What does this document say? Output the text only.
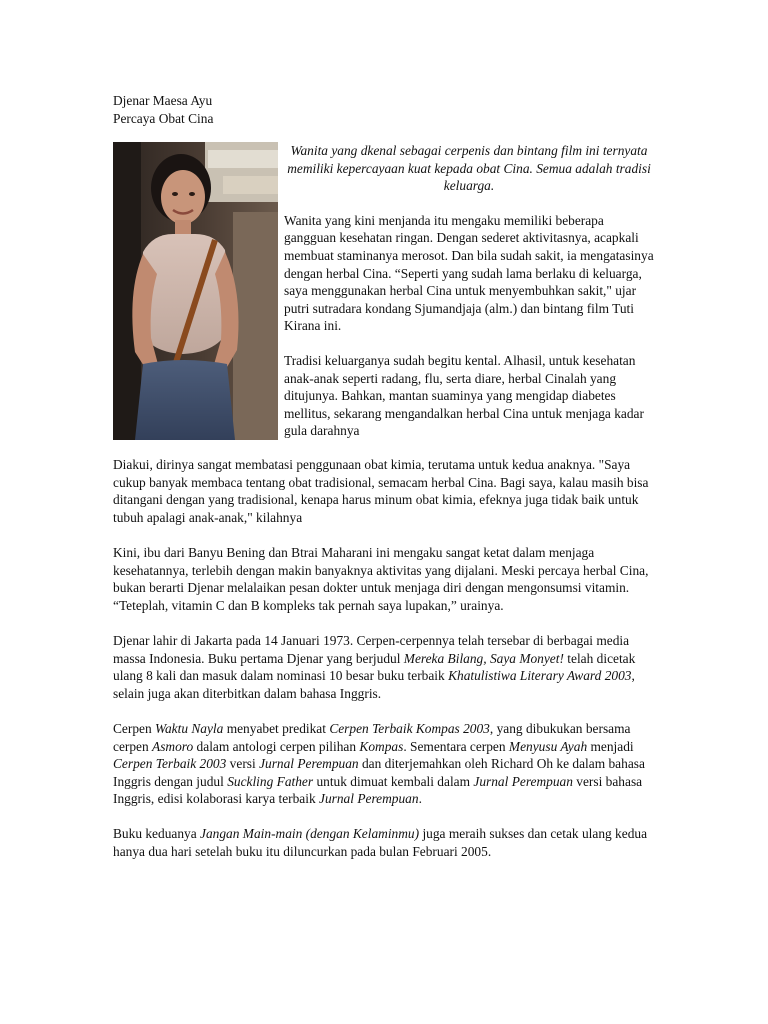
Djenar Maesa Ayu

Percaya Obat Cina

Wanita yang dkenal sebagai cerpenis dan bintang film ini ternyata memiliki kepercayaan kuat kepada obat Cina. Semua adalah tradisi keluarga.

Wanita yang kini menjanda itu mengaku memiliki beberapa gangguan kesehatan ringan. Dengan sederet aktivitasnya, acapkali membuat staminanya merosot. Dan bila sudah sakit, ia mengatasinya dengan herbal Cina. “Seperti yang sudah lama berlaku di keluarga, saya menggunakan herbal Cina untuk menyembuhkan sakit," ujar putri sutradara kondang Sjumandjaja (alm.) dan bintang film Tuti Kirana ini.

Tradisi keluarganya sudah begitu kental. Alhasil, untuk kesehatan anak-anak seperti radang, flu, serta diare, herbal Cinalah yang ditujunya. Bahkan, mantan suaminya yang mengidap diabetes mellitus, sekarang mengandalkan herbal Cina untuk menjaga kadar gula darahnya

Diakui, dirinya sangat membatasi penggunaan obat kimia, terutama untuk kedua anaknya. "Saya cukup banyak membaca tentang obat tradisional, semacam herbal Cina. Bagi saya, kalau masih bisa ditangani dengan yang tradisional, kenapa harus minum obat kimia, efeknya juga tidak baik untuk tubuh apalagi anak-anak," kilahnya

Kini, ibu dari Banyu Bening dan Btrai Maharani ini mengaku sangat ketat dalam menjaga kesehatannya, terlebih dengan makin banyaknya aktivitas yang dijalani. Meski percaya herbal Cina, bukan berarti Djenar melalaikan pesan dokter untuk menjaga diri dengan mengonsumsi vitamin. “Teteplah, vitamin C dan B kompleks tak pernah saya lupakan,” urainya.

Djenar lahir di Jakarta pada 14 Januari 1973. Cerpen-cerpennya telah tersebar di berbagai media massa Indonesia. Buku pertama Djenar yang berjudul Mereka Bilang, Saya Monyet! telah dicetak ulang 8 kali dan masuk dalam nominasi 10 besar buku terbaik Khatulistiwa Literary Award 2003, selain juga akan diterbitkan dalam bahasa Inggris.

Cerpen Waktu Nayla menyabet predikat Cerpen Terbaik Kompas 2003, yang dibukukan bersama cerpen Asmoro dalam antologi cerpen pilihan Kompas. Sementara cerpen Menyusu Ayah menjadi Cerpen Terbaik 2003 versi Jurnal Perempuan dan diterjemahkan oleh Richard Oh ke dalam bahasa Inggris dengan judul Suckling Father untuk dimuat kembali dalam Jurnal Perempuan versi bahasa Inggris, edisi kolaborasi karya terbaik Jurnal Perempuan.

Buku keduanya Jangan Main-main (dengan Kelaminmu) juga meraih sukses dan cetak ulang kedua hanya dua hari setelah buku itu diluncurkan pada bulan Februari 2005.
